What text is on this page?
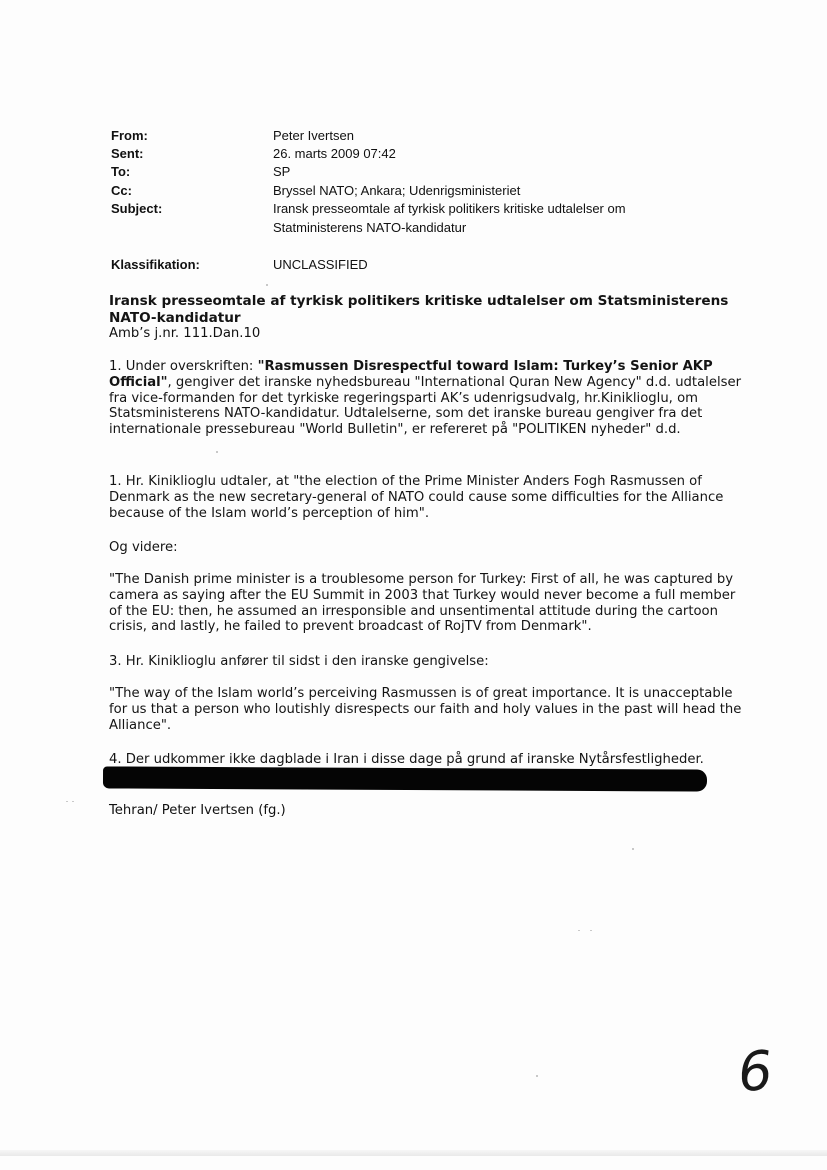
From:	Peter Ivertsen
Sent:	26. marts 2009 07:42
To:	SP
Cc:	Bryssel NATO; Ankara; Udenrigsministeriet
Subject:	Iransk presseomtale af tyrkisk politikers kritiske udtalelser om Statministerens NATO-kandidatur
Klassifikation:	UNCLASSIFIED
Iransk presseomtale af tyrkisk politikers kritiske udtalelser om Statsministerens NATO-kandidatur
Amb’s j.nr. 111.Dan.10
1. Under overskriften: "Rasmussen Disrespectful toward Islam: Turkey’s Senior AKP Official", gengiver det iranske nyhedsbureau "International Quran New Agency" d.d. udtalelser fra vice-formanden for det tyrkiske regeringsparti AK’s udenrigsudvalg, hr.Kiniklioglu, om Statsministerens NATO-kandidatur. Udtalelserne, som det iranske bureau gengiver fra det internationale pressebureau "World Bulletin", er refereret på "POLITIKEN nyheder" d.d.
1. Hr. Kiniklioglu udtaler, at "the election of the Prime Minister Anders Fogh Rasmussen of Denmark as the new secretary-general of NATO could cause some difficulties for the Alliance because of the Islam world’s perception of him".
Og videre:
"The Danish prime minister is a troublesome person for Turkey: First of all, he was captured by camera as saying after the EU Summit in 2003 that Turkey would never become a full member of the EU: then, he assumed an irresponsible and unsentimental attitude during the cartoon crisis, and lastly, he failed to prevent broadcast of RojTV from Denmark".
3. Hr. Kiniklioglu anfører til sidst i den iranske gengivelse:
"The way of the Islam world’s perceiving Rasmussen is of great importance. It is unacceptable for us that a person who loutishly disrespects our faith and holy values in the past will head the Alliance".
4. Der udkommer ikke dagblade i Iran i disse dage på grund af iranske Nytårsfestligheder.
Tehran/ Peter Ivertsen (fg.)
6
